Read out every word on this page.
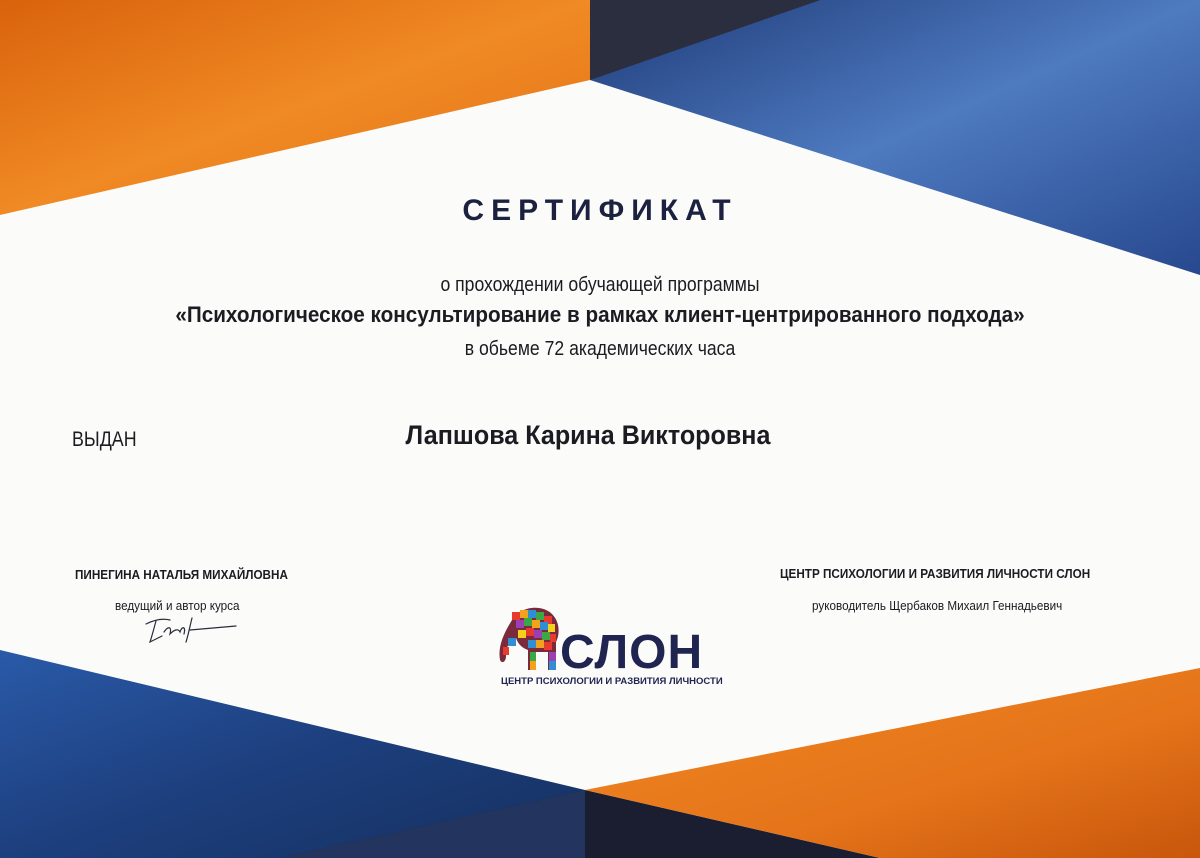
СЕРТИФИКАТ
о прохождении обучающей программы
«Психологическое консультирование в рамках клиент-центрированного подхода»
в обьеме 72 академических часа
ВЫДАН	Лапшова Карина Викторовна
ПИНЕГИНА НАТАЛЬЯ МИХАЙЛОВНА
ведущий и автор курса
ЦЕНТР ПСИХОЛОГИИ И РАЗВИТИЯ ЛИЧНОСТИ СЛОН
руководитель Щербаков Михаил Геннадьевич
СЛОН
ЦЕНТР ПСИХОЛОГИИ И РАЗВИТИЯ ЛИЧНОСТИ
